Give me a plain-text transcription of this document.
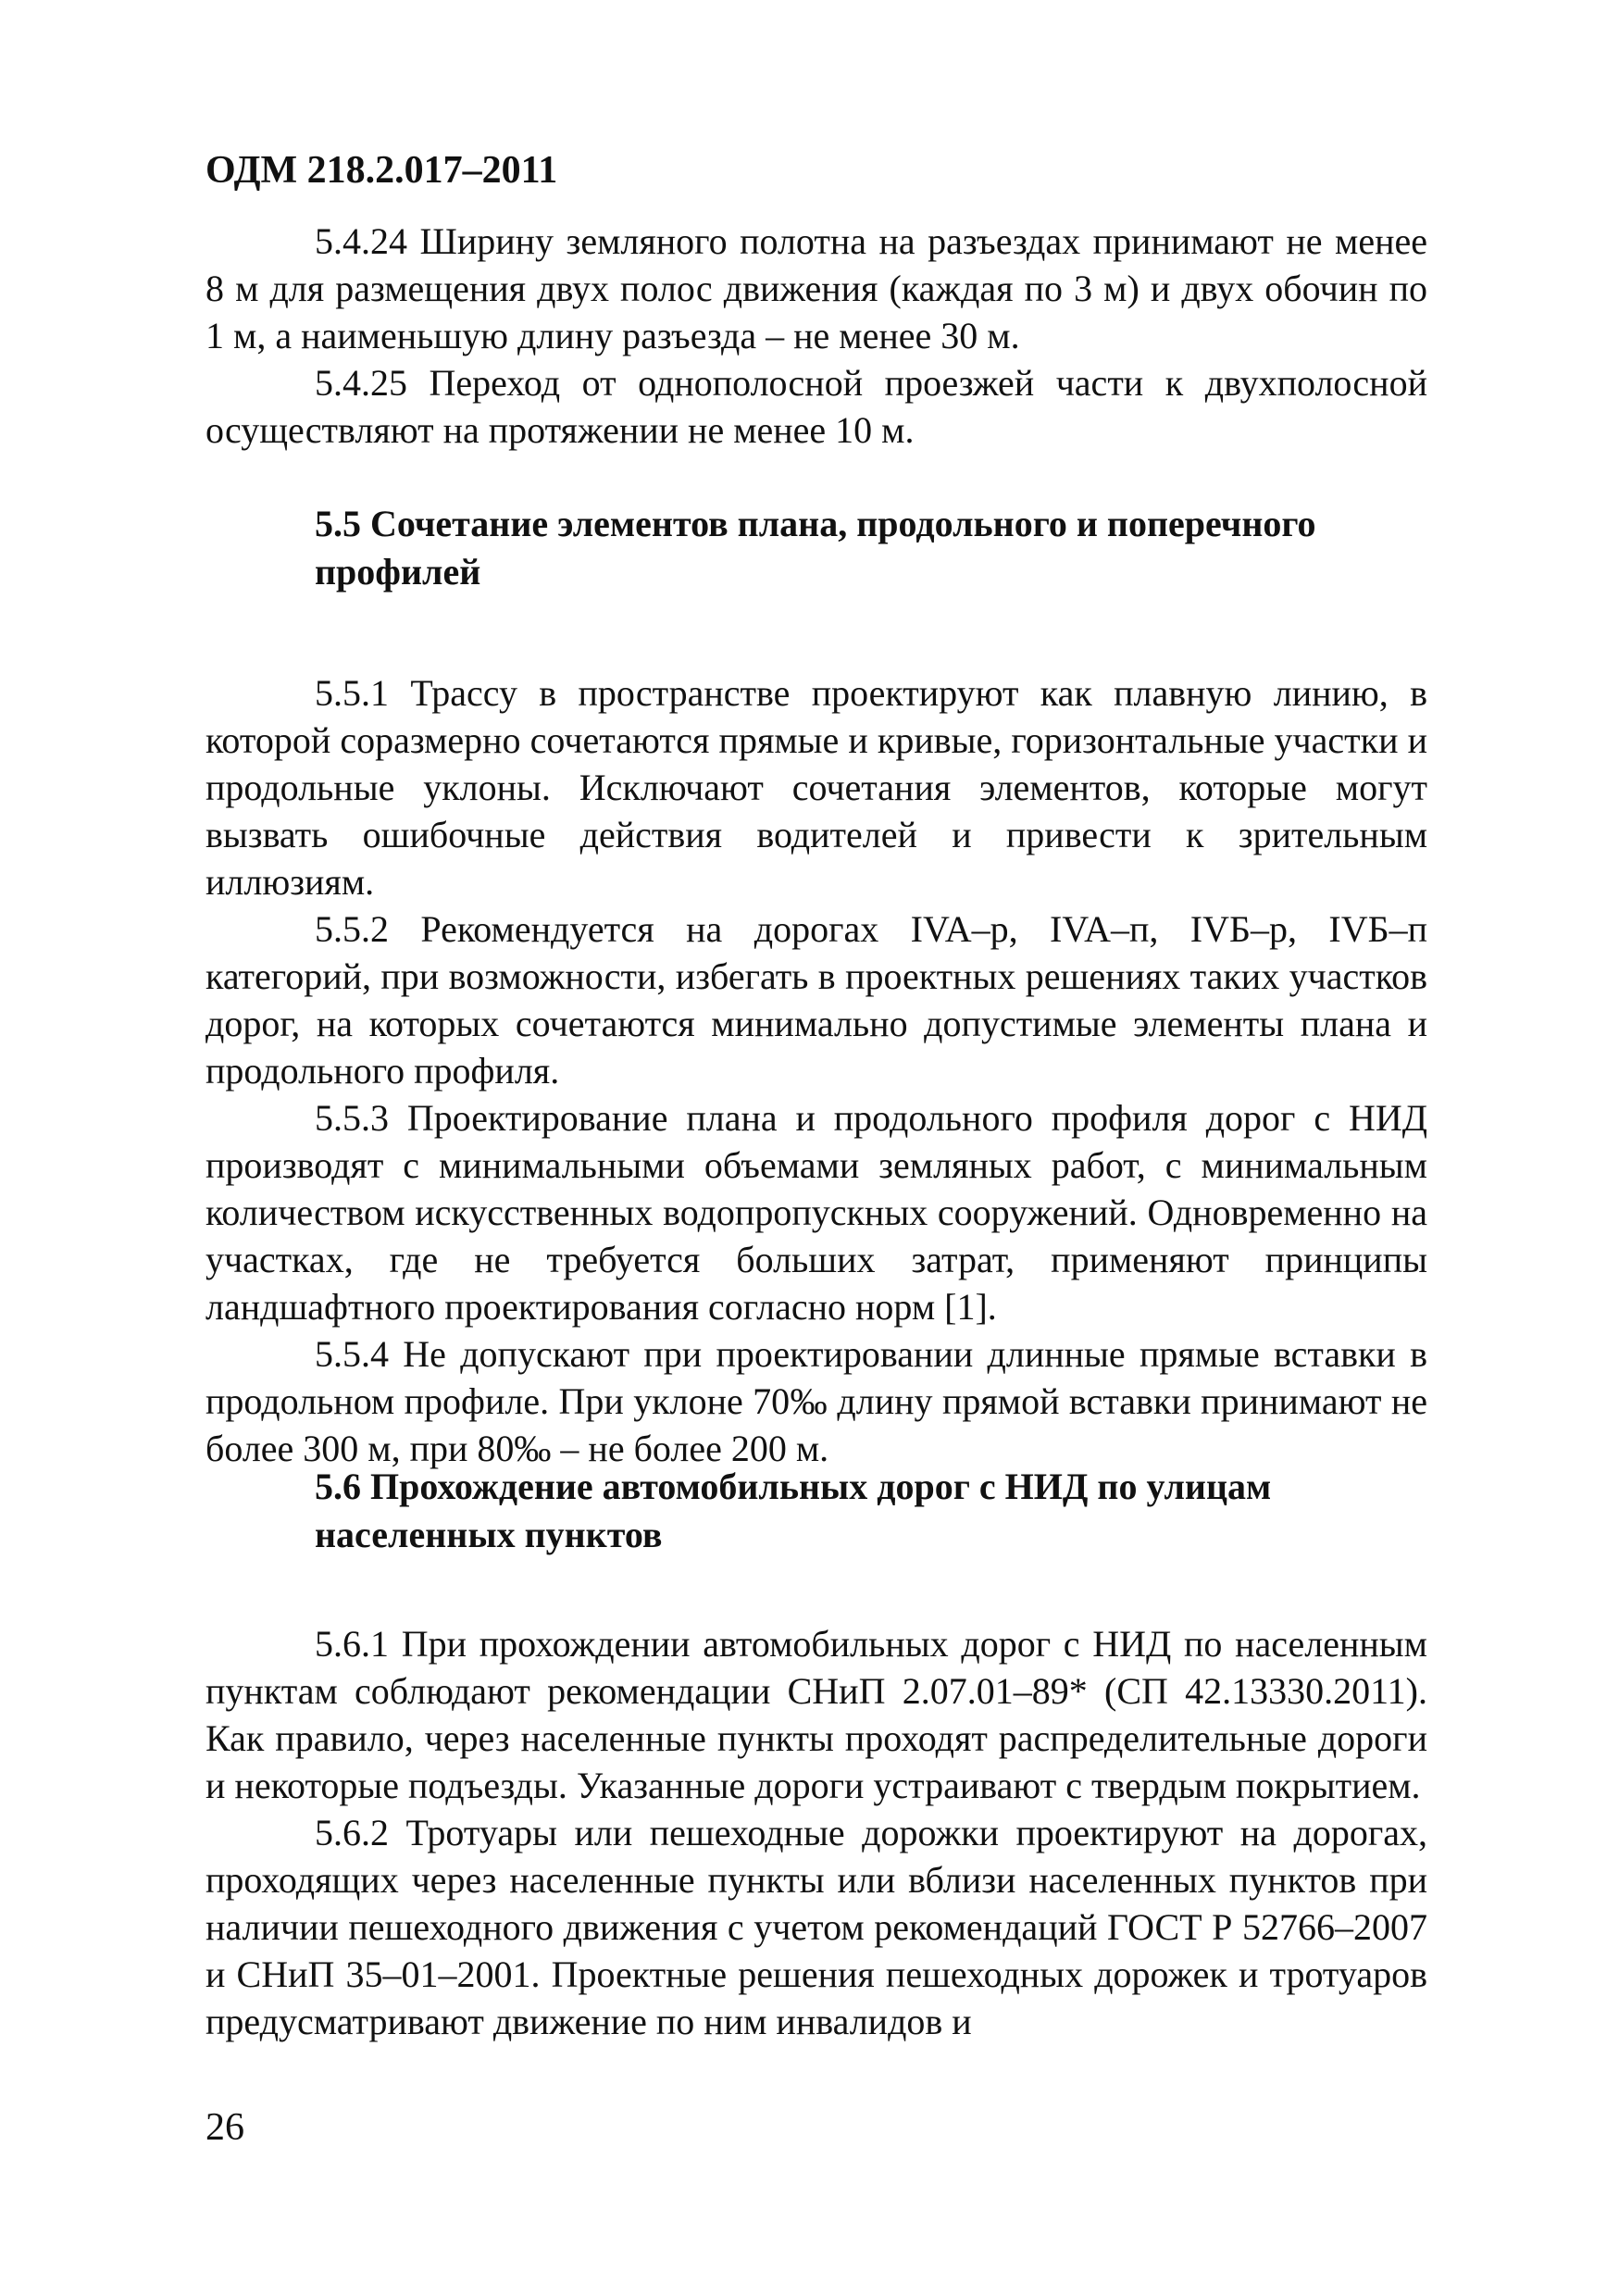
ОДМ 218.2.017–2011

5.4.24 Ширину земляного полотна на разъездах принимают не менее 8 м для размещения двух полос движения (каждая по 3 м) и двух обочин по 1 м, а наименьшую длину разъезда – не менее 30 м.

5.4.25 Переход от однополосной проезжей части к двухполосной осуществляют на протяжении не менее 10 м.

5.5 Сочетание элементов плана, продольного и поперечного профилей

5.5.1 Трассу в пространстве проектируют как плавную линию, в которой соразмерно сочетаются прямые и кривые, горизонтальные участки и продольные уклоны. Исключают сочетания элементов, которые могут вызвать ошибочные действия водителей и привести к зрительным иллюзиям.

5.5.2 Рекомендуется на дорогах IVA–р, IVA–п, IVБ–р, IVБ–п категорий, при возможности, избегать в проектных решениях таких участков дорог, на которых сочетаются минимально допустимые элементы плана и продольного профиля.

5.5.3 Проектирование плана и продольного профиля дорог с НИД производят с минимальными объемами земляных работ, с минимальным количеством искусственных водопропускных сооружений. Одновременно на участках, где не требуется больших затрат, применяют принципы ландшафтного проектирования согласно норм [1].

5.5.4 Не допускают при проектировании длинные прямые вставки в продольном профиле. При уклоне 70‰ длину прямой вставки принимают не более 300 м, при 80‰ – не более 200 м.

5.6 Прохождение автомобильных дорог с НИД по улицам населенных пунктов

5.6.1 При прохождении автомобильных дорог с НИД по населенным пунктам соблюдают рекомендации СНиП 2.07.01–89* (СП 42.13330.2011). Как правило, через населенные пункты проходят распределительные дороги и некоторые подъезды. Указанные дороги устраивают с твердым покрытием.

5.6.2 Тротуары или пешеходные дорожки проектируют на дорогах, проходящих через населенные пункты или вблизи населенных пунктов при наличии пешеходного движения с учетом рекомендаций ГОСТ Р 52766–2007 и СНиП 35–01–2001. Проектные решения пешеходных дорожек и тротуаров предусматривают движение по ним инвалидов и

26
